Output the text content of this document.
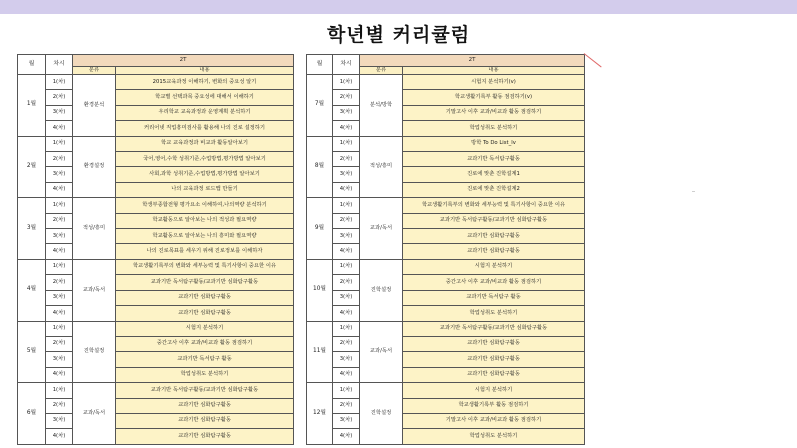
학년별 커리큘럼
월	차시	2T	
		분류	내용
1월	1(차)	환경분석	2015교육과정 이해하기, 변화의 중요성 알기
	2(차)		학교별 선택과목 중요성에 대해서 이해하기
	3(차)		우리학교 교육과정과 운영계획 분석하기
	4(차)		커리어넷 직업흥미검사를 활용해 나의 진로 설정하기
2월	1(차)	환경설정	학교 교육과정과 비교과 활동알아보기
	2(차)		국어,영어,수학 성취기준,수업방법,평가방법 알아보기
	3(차)		사회,과학 성취기준,수업방법,평가방법 알아보기
	4(차)		나의 교육과정 로드맵 만들기
3월	1(차)	적성/흥미	학생부종합전형 평가요소 이해하여,나의역량 분석하기
	2(차)		학교활동으로 알아보는 나의 적성과 필요역량
	3(차)		학교활동으로 알아보는 나의 흥미와 필요역량
	4(차)		나의 진로목표를 세우기 위해 진로정보를 이해하자
4월	1(차)	교과/독서	학교생활기록부의 변화와 세부능력 및 특기사항이 중요한 이유
	2(차)		교과기반 독서탐구활동/교과기반 심화탐구활동
	3(차)		교과기반 심화탐구활동
	4(차)		교과기반 심화탐구활동
5월	1(차)	진학설정	시험지 분석하기
	2(차)		중간고사 이후 교과/비교과 활동 점검하기
	3(차)		교과기반 독서탐구 활동
	4(차)		학업성취도 분석하기
6월	1(차)	교과/독서	교과기반 독서탐구활동/교과기반 심화탐구활동
	2(차)		교과기반 심화탐구활동
	3(차)		교과기반 심화탐구활동
	4(차)		교과기반 심화탐구활동
월	차시	2T	
		분류	내용
7월	1(차)	분석/방학	시험지 분석하기(v)
	2(차)		학교생활기록부 활동 점검하기(v)
	3(차)		기말고사 이후 교과/비교과 활동 점검하기
	4(차)		학업성취도 분석하기
8월	1(차)	적성/흥미	방학 To Do List_lv
	2(차)		교과기반 독서탐구활동
	3(차)		진로에 맞춘 진학설계1
	4(차)		진로에 맞춘 진학설계2
9월	1(차)	교과/독서	학교생활기록부의 변화와 세부능력 및 특기사항이 중요한 이유
	2(차)		교과기반 독서탐구활동/교과기반 심화탐구활동
	3(차)		교과기반 심화탐구활동
	4(차)		교과기반 심화탐구활동
10월	1(차)	진학설정	시험지 분석하기
	2(차)		중간고사 이후 교과/비교과 활동 점검하기
	3(차)		교과기반 독서탐구 활동
	4(차)		학업성취도 분석하기
11월	1(차)	교과/독서	교과기반 독서탐구활동/교과기반 심화탐구활동
	2(차)		교과기반 심화탐구활동
	3(차)		교과기반 심화탐구활동
	4(차)		교과기반 심화탐구활동
12월	1(차)	진학설정	시험지 분석하기
	2(차)		학교생활기록부 활동 점검하기
	3(차)		기말고사 이후 교과/비교과 활동 점검하기
	4(차)		학업성취도 분석하기
